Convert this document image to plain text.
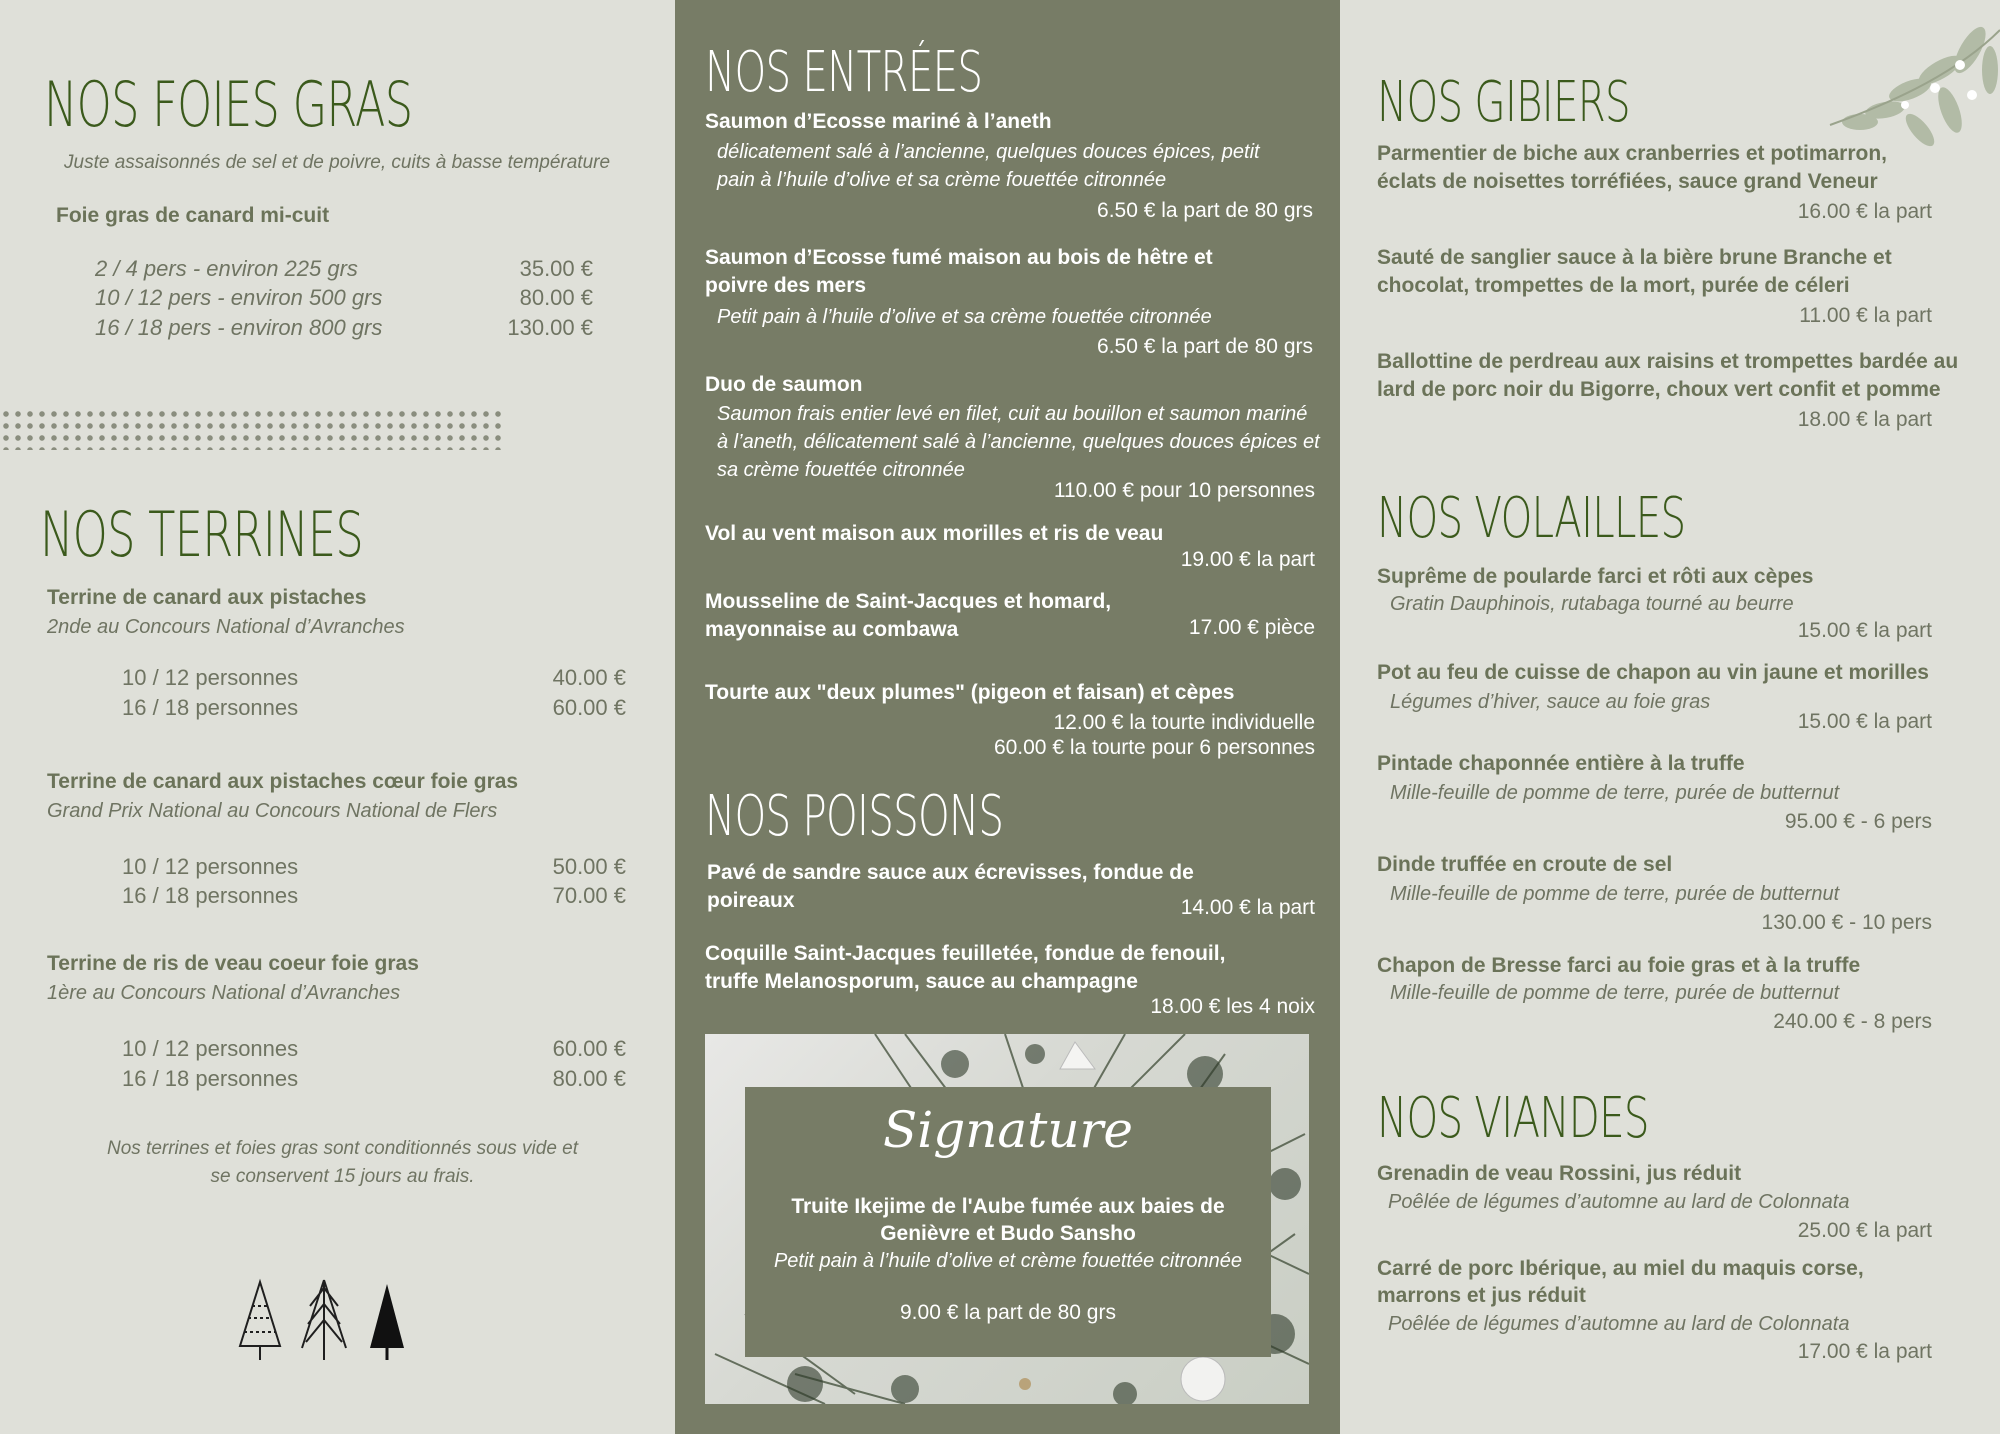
NOS FOIES GRAS
Juste assaisonnés de sel et de poivre, cuits à basse température
Foie gras de canard mi-cuit
2 / 4 pers - environ 225 grs	35.00 €
10 / 12 pers - environ 500 grs	80.00 €
16 / 18 pers - environ 800 grs	130.00 €
NOS TERRINES
Terrine de canard aux pistaches
2nde au Concours National d’Avranches
10 / 12 personnes	40.00 €
16 / 18 personnes	60.00 €
Terrine de canard aux pistaches cœur foie gras
Grand Prix National au Concours National de Flers
10 / 12 personnes	50.00 €
16 / 18 personnes	70.00 €
Terrine de ris de veau coeur foie gras
1ère au Concours National d’Avranches
10 / 12 personnes	60.00 €
16 / 18 personnes	80.00 €
Nos terrines et foies gras sont conditionnés sous vide et
se conservent 15 jours au frais.
NOS ENTRÉES
Saumon d’Ecosse mariné à l’aneth
délicatement salé à l’ancienne, quelques douces épices, petit
pain à l’huile d’olive et sa crème fouettée citronnée
6.50 € la part de 80 grs
Saumon d’Ecosse fumé maison au bois de hêtre et
poivre des mers
Petit pain à l’huile d’olive et sa crème fouettée citronnée
6.50 € la part de 80 grs
Duo de saumon
Saumon frais entier levé en filet, cuit au bouillon et saumon mariné
à l’aneth, délicatement salé à l’ancienne, quelques douces épices et
sa crème fouettée citronnée
110.00 € pour 10 personnes
Vol au vent maison aux morilles et ris de veau
19.00 € la part
Mousseline de Saint-Jacques et homard,
mayonnaise au combawa	17.00 € pièce
Tourte aux "deux plumes" (pigeon et faisan) et cèpes
12.00 € la tourte individuelle
60.00 € la tourte pour 6 personnes
NOS POISSONS
Pavé de sandre sauce aux écrevisses, fondue de
poireaux	14.00 € la part
Coquille Saint-Jacques feuilletée, fondue de fenouil,
truffe Melanosporum, sauce au champagne
18.00 € les 4 noix
Signature
Truite Ikejime de l'Aube fumée aux baies de
Genièvre et Budo Sansho
Petit pain à l’huile d’olive et crème fouettée citronnée
9.00 € la part de 80 grs
NOS GIBIERS
Parmentier de biche aux cranberries et potimarron,
éclats de noisettes torréfiées, sauce grand Veneur
16.00 € la part
Sauté de sanglier sauce à la bière brune Branche et
chocolat, trompettes de la mort, purée de céleri
11.00 € la part
Ballottine de perdreau aux raisins et trompettes bardée au
lard de porc noir du Bigorre, choux vert confit et pomme
18.00 € la part
NOS VOLAILLES
Suprême de poularde farci et rôti aux cèpes
Gratin Dauphinois, rutabaga tourné au beurre
15.00 € la part
Pot au feu de cuisse de chapon au vin jaune et morilles
Légumes d’hiver, sauce au foie gras
15.00 € la part
Pintade chaponnée entière à la truffe
Mille-feuille de pomme de terre, purée de butternut
95.00 € - 6 pers
Dinde truffée en croute de sel
Mille-feuille de pomme de terre, purée de butternut
130.00 € - 10 pers
Chapon de Bresse farci au foie gras et à la truffe
Mille-feuille de pomme de terre, purée de butternut
240.00 € - 8 pers
NOS VIANDES
Grenadin de veau Rossini, jus réduit
Poêlée de légumes d’automne au lard de Colonnata
25.00 € la part
Carré de porc Ibérique, au miel du maquis corse,
marrons et jus réduit
Poêlée de légumes d’automne au lard de Colonnata
17.00 € la part
